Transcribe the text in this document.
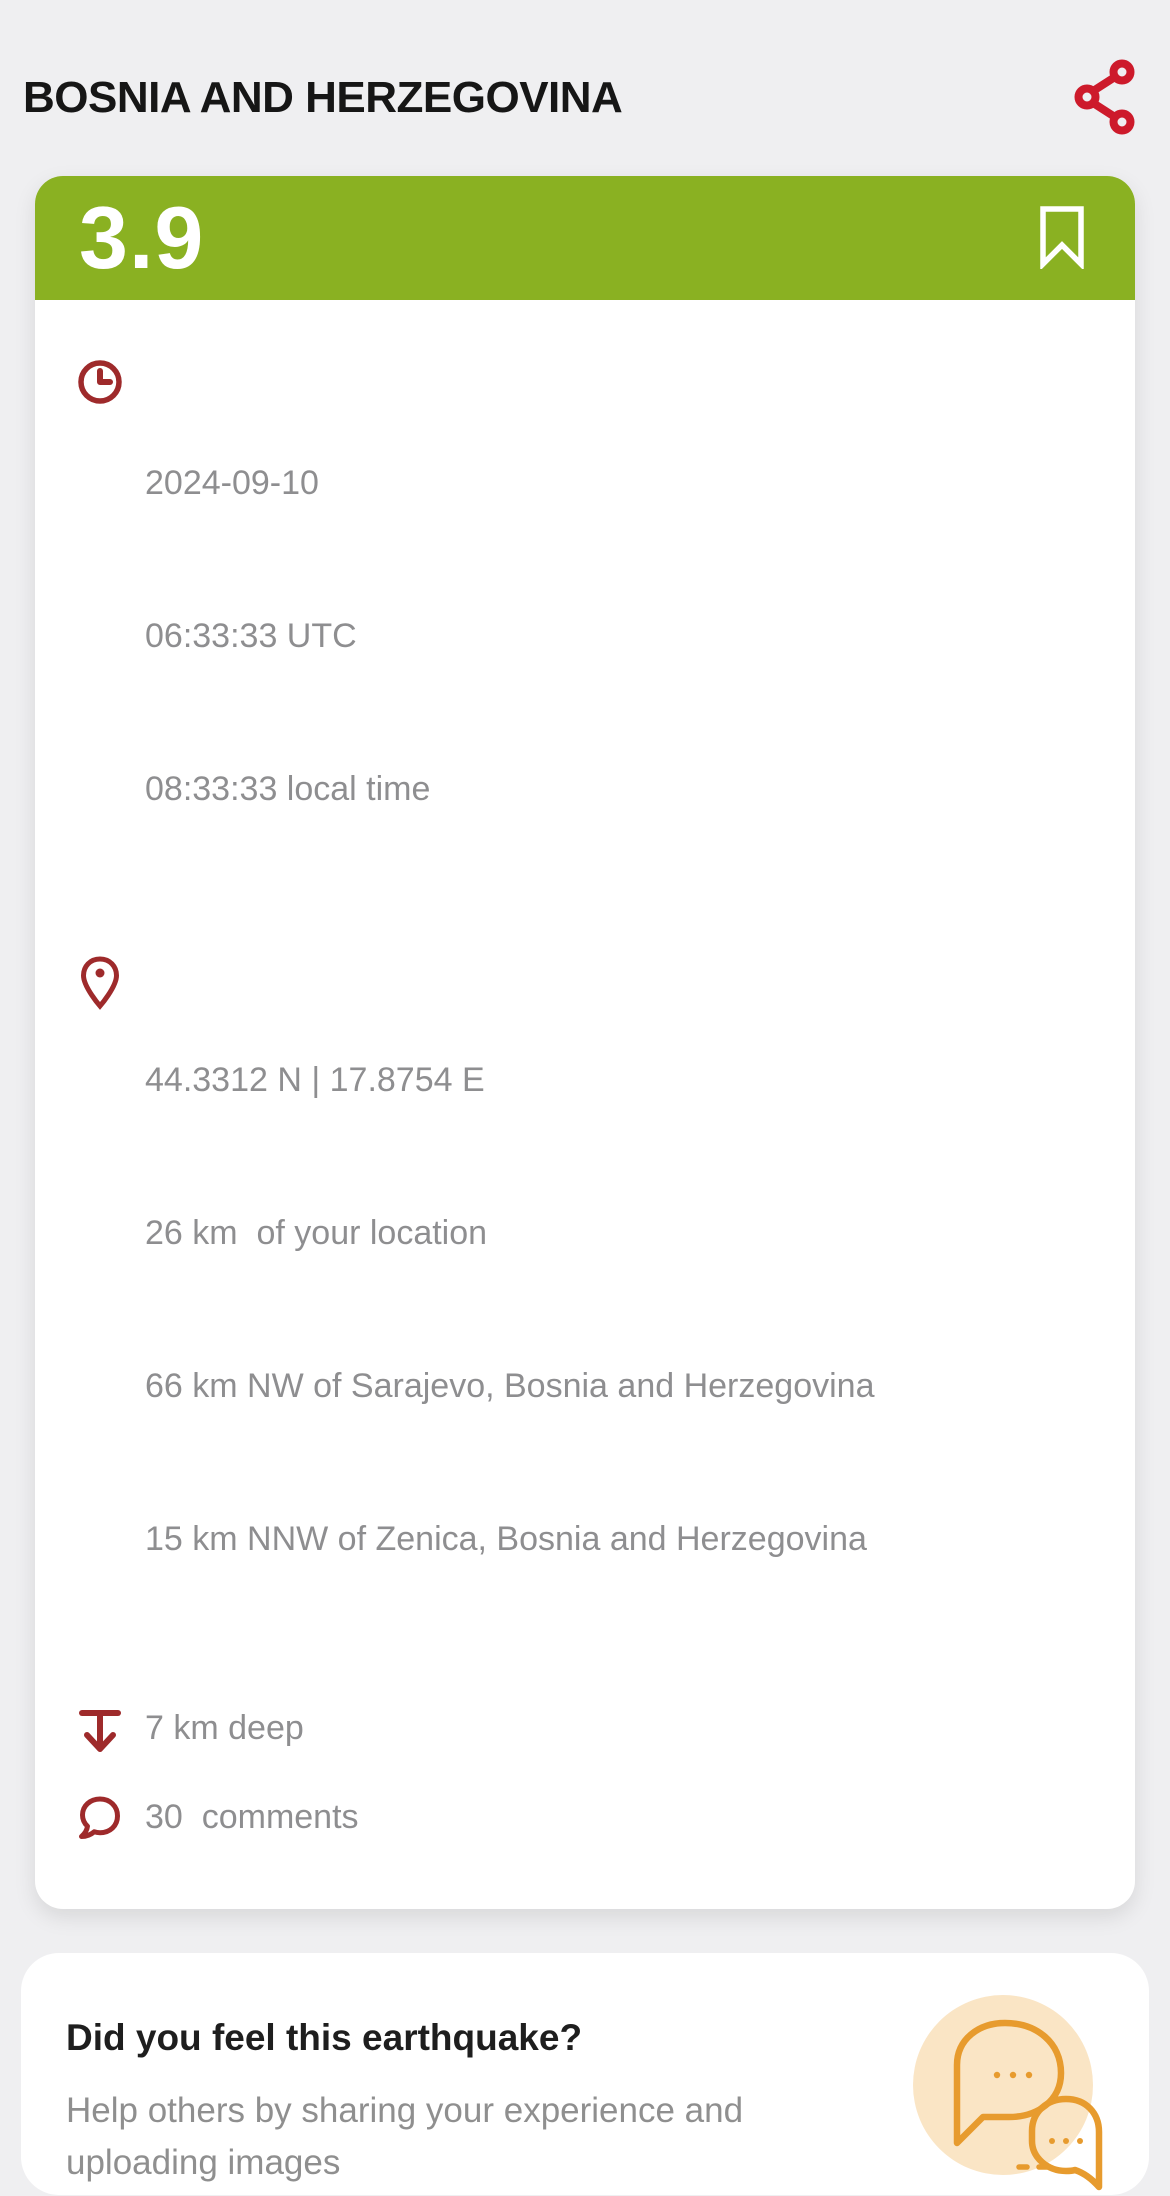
BOSNIA AND HERZEGOVINA
3.9

2024-09-10

06:33:33 UTC

08:33:33 local time

44.3312 N | 17.8754 E

26 km  of your location

66 km NW of Sarajevo, Bosnia and Herzegovina

15 km NNW of Zenica, Bosnia and Herzegovina

7 km deep
30  comments
Did you feel this earthquake?
Help others by sharing your experience and uploading images
